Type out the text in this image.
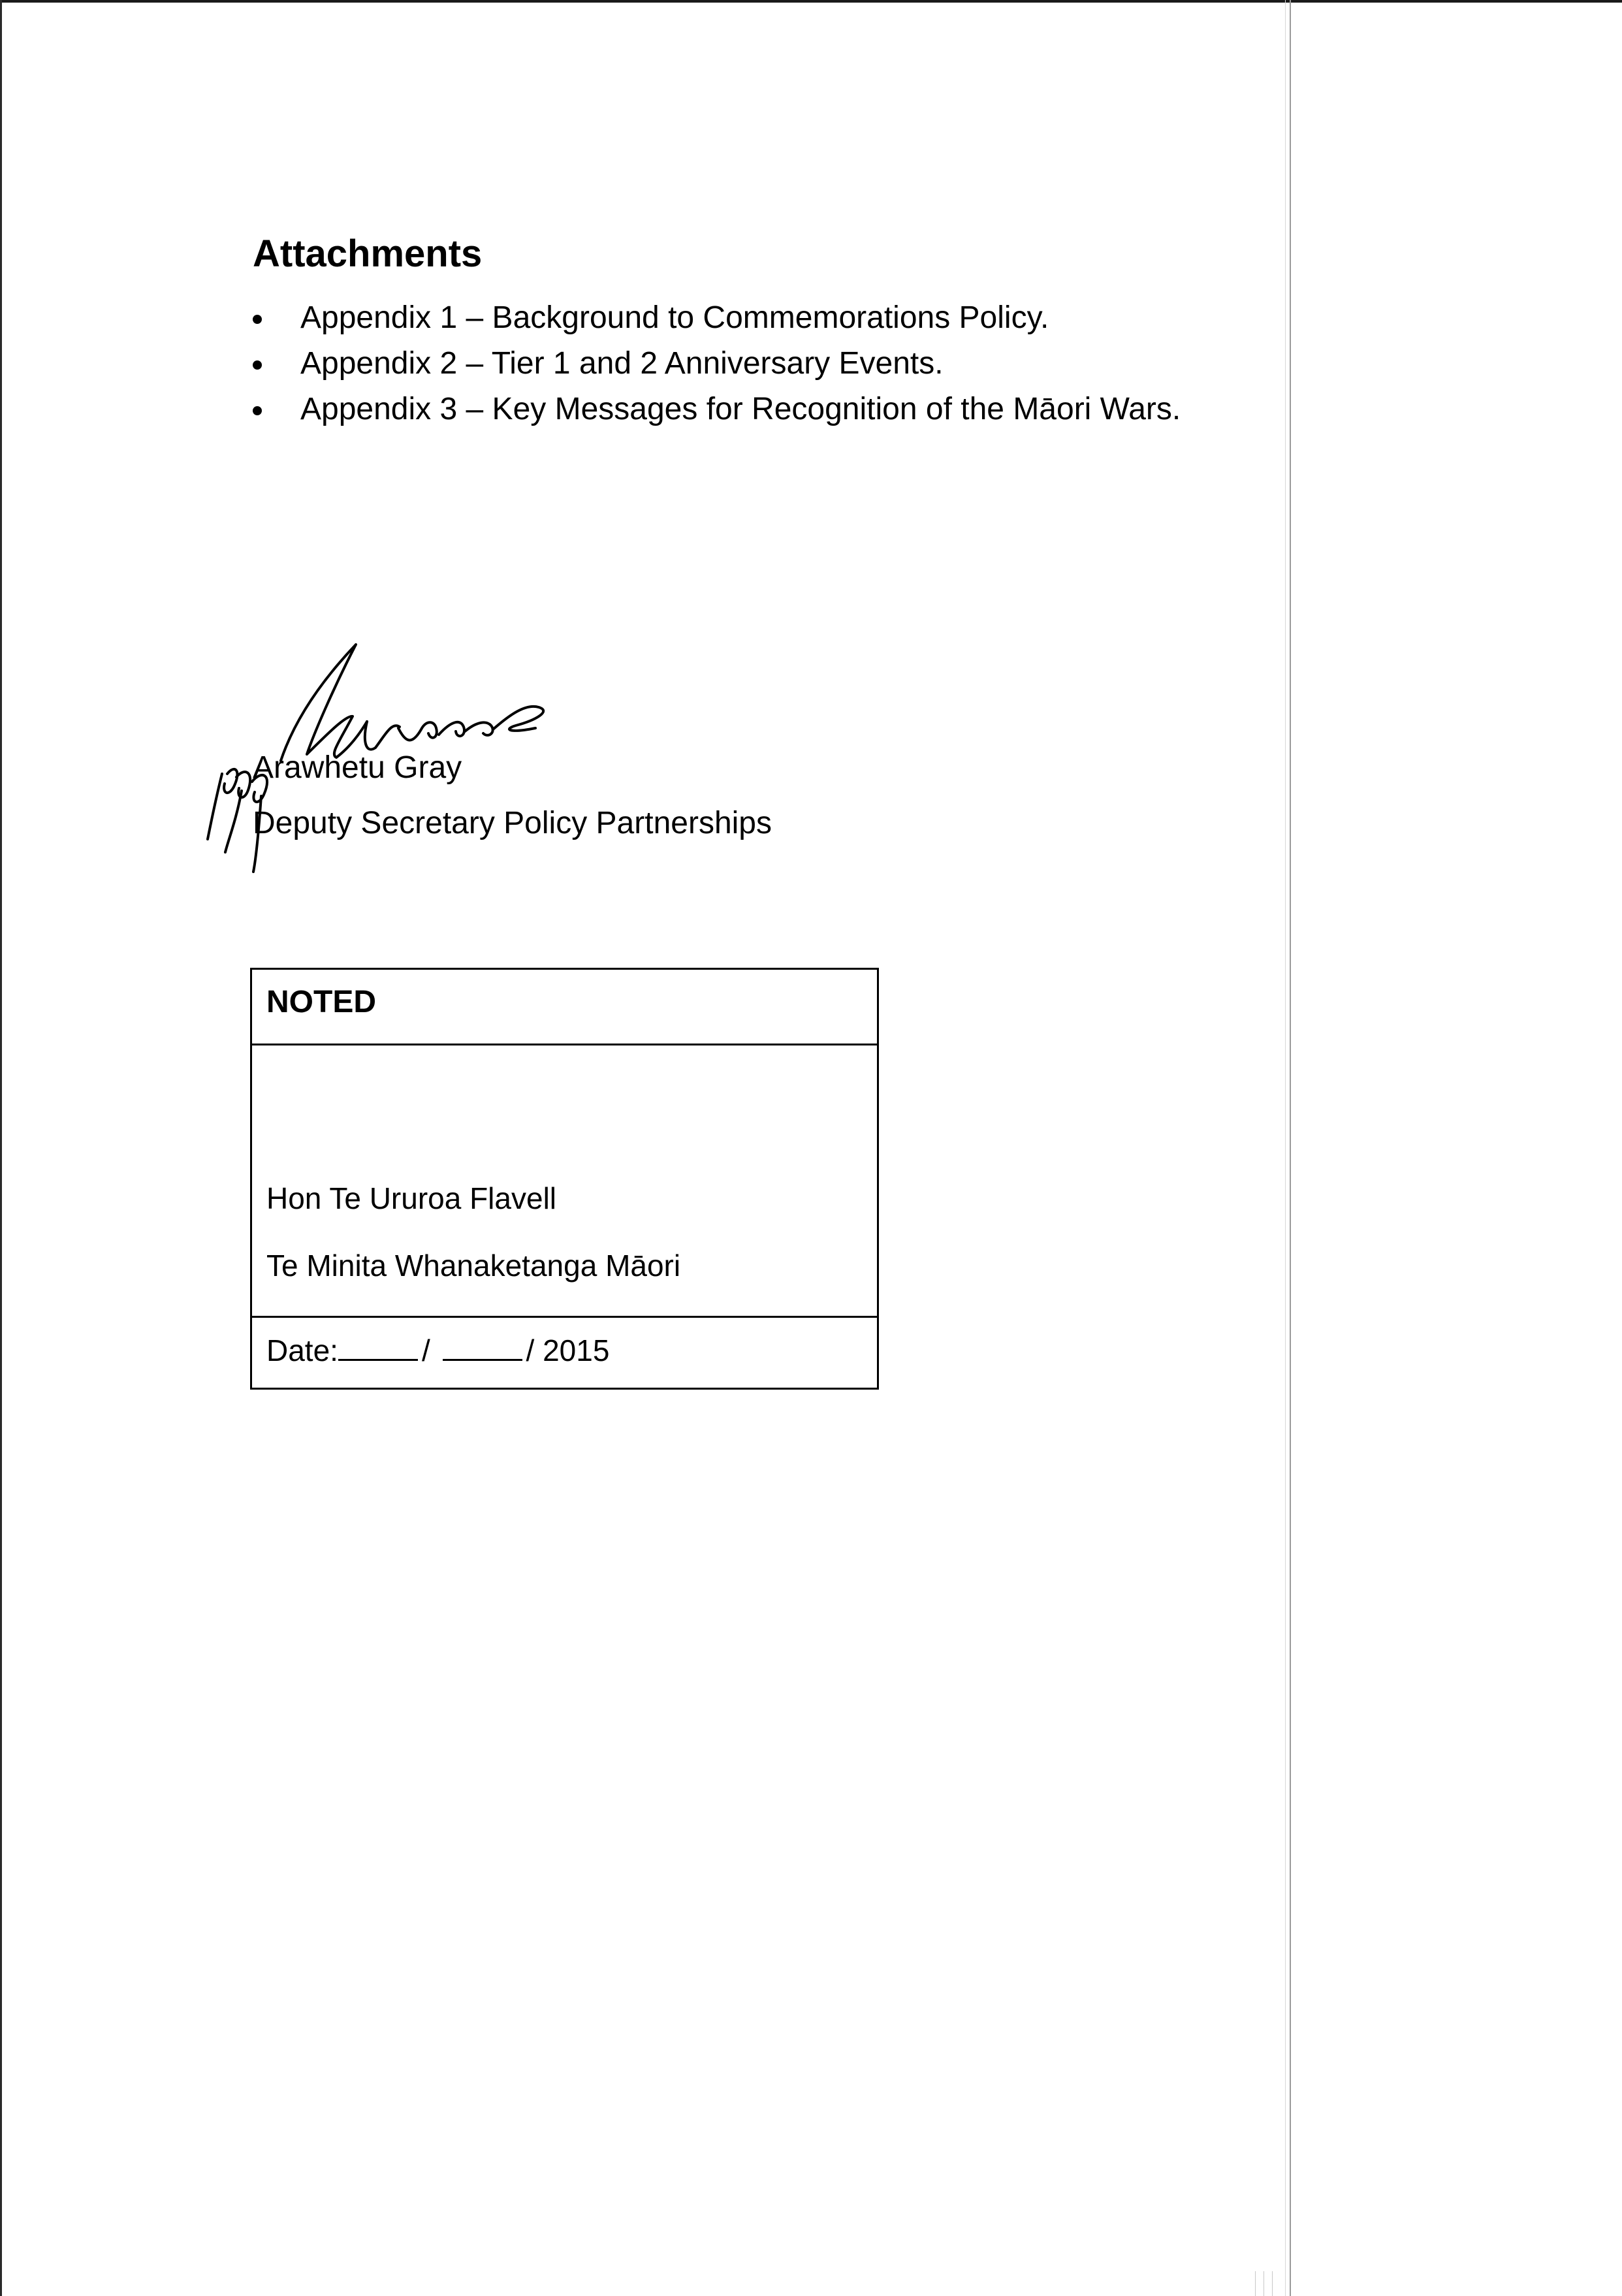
Attachments
Appendix 1 – Background to Commemorations Policy.
Appendix 2 – Tier 1 and 2 Anniversary Events.
Appendix 3 – Key Messages for Recognition of the Māori Wars.
Arawhetu Gray
Deputy Secretary Policy Partnerships
NOTED
Hon Te Ururoa Flavell
Te Minita Whanaketanga Māori
Date:	/	/ 2015
